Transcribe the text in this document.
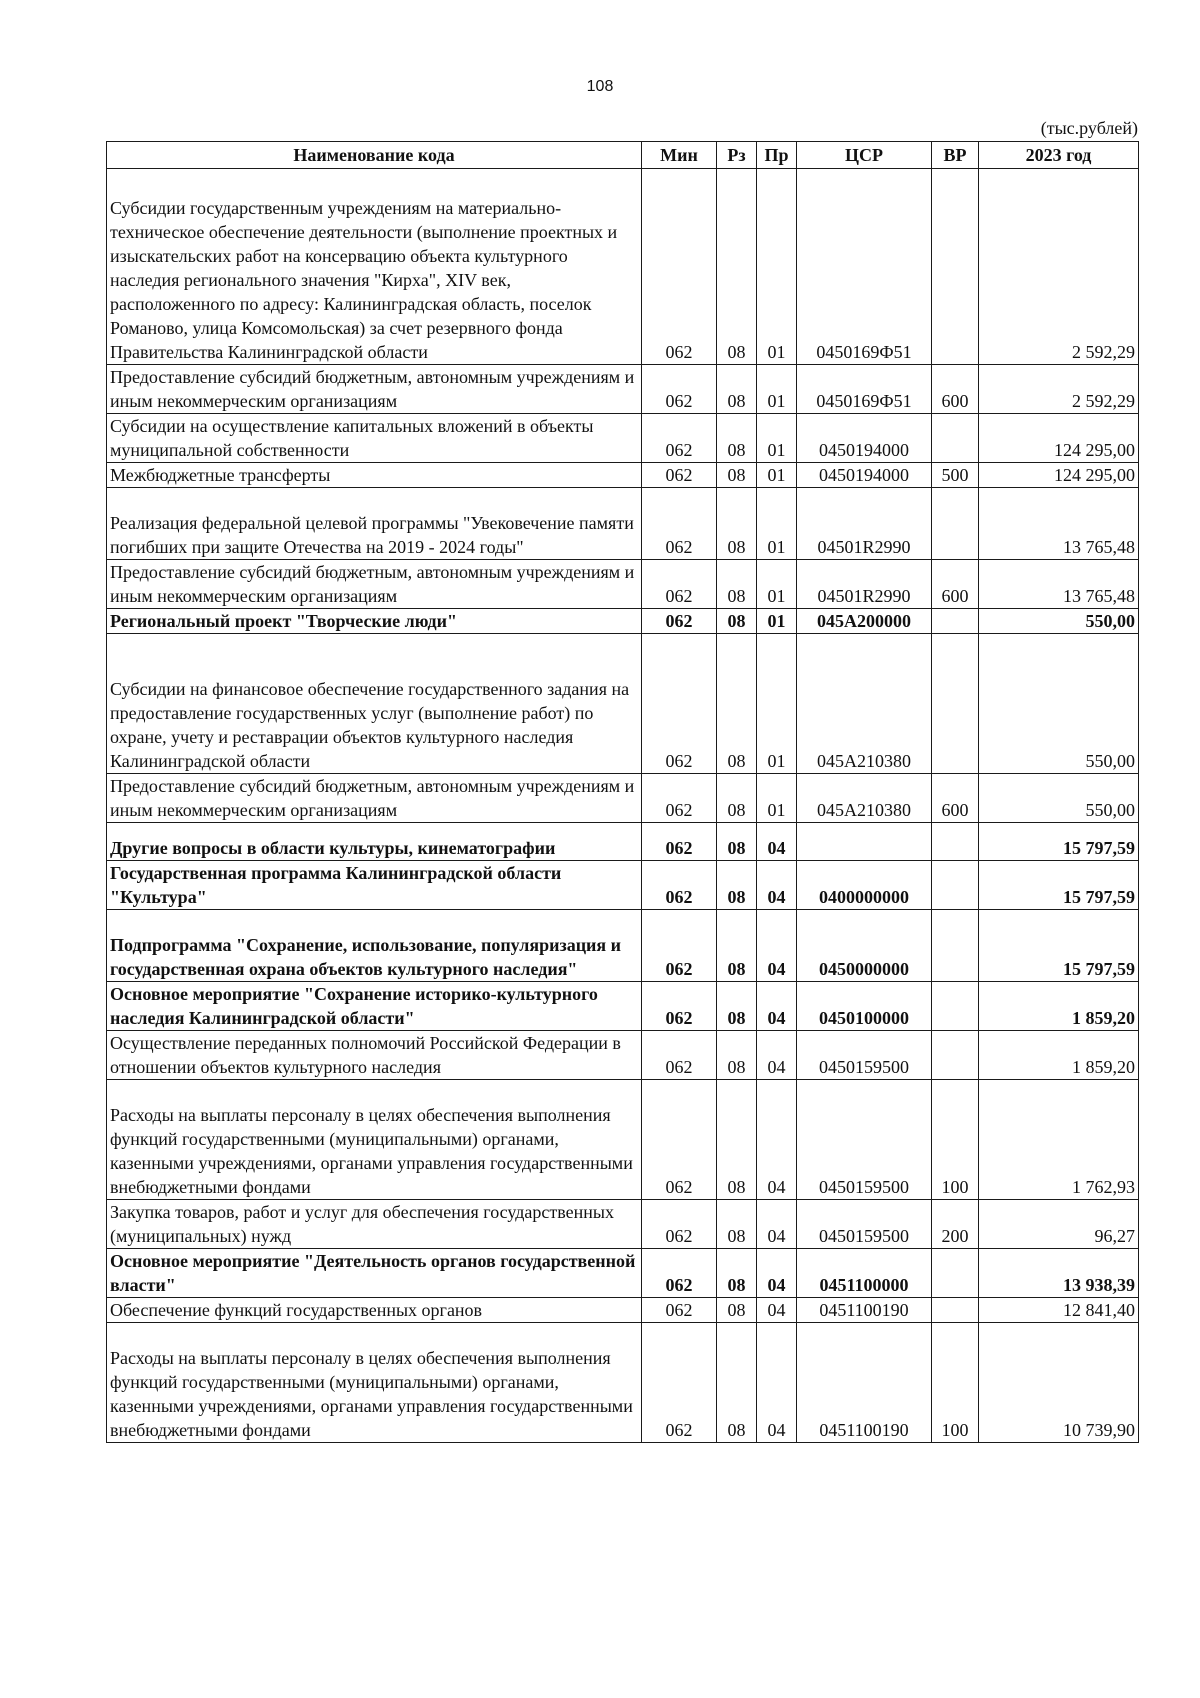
108
(тыс.рублей)
Наименование кода	Мин	Рз	Пр	ЦСР	ВР	2023 год
Субсидии государственным учреждениям на материально-техническое обеспечение деятельности (выполнение проектных и изыскательских работ на консервацию объекта культурного наследия регионального значения "Кирха", XIV век, расположенного по адресу: Калининградская область, поселок Романово, улица Комсомольская) за счет резервного фонда Правительства Калининградской области	062	08	01	0450169Ф51		2 592,29
Предоставление субсидий бюджетным, автономным учреждениям и иным некоммерческим организациям	062	08	01	0450169Ф51	600	2 592,29
Субсидии на осуществление капитальных вложений в объекты муниципальной собственности	062	08	01	0450194000		124 295,00
Межбюджетные трансферты	062	08	01	0450194000	500	124 295,00
Реализация федеральной целевой программы "Увековечение памяти погибших при защите Отечества на 2019 - 2024 годы"	062	08	01	04501R2990		13 765,48
Предоставление субсидий бюджетным, автономным учреждениям и иным некоммерческим организациям	062	08	01	04501R2990	600	13 765,48
Региональный проект "Творческие люди"	062	08	01	045A200000		550,00
Субсидии на финансовое обеспечение государственного задания на предоставление государственных услуг (выполнение работ) по охране, учету и реставрации объектов культурного наследия Калининградской области	062	08	01	045A210380		550,00
Предоставление субсидий бюджетным, автономным учреждениям и иным некоммерческим организациям	062	08	01	045A210380	600	550,00
Другие вопросы в области культуры, кинематографии	062	08	04			15 797,59
Государственная программа Калининградской области "Культура"	062	08	04	0400000000		15 797,59
Подпрограмма "Сохранение, использование, популяризация и государственная охрана объектов культурного наследия"	062	08	04	0450000000		15 797,59
Основное мероприятие "Сохранение историко-культурного наследия Калининградской области"	062	08	04	0450100000		1 859,20
Осуществление переданных полномочий Российской Федерации в отношении объектов культурного наследия	062	08	04	0450159500		1 859,20
Расходы на выплаты персоналу в целях обеспечения выполнения функций государственными (муниципальными) органами, казенными учреждениями, органами управления государственными внебюджетными фондами	062	08	04	0450159500	100	1 762,93
Закупка товаров, работ и услуг для обеспечения государственных (муниципальных) нужд	062	08	04	0450159500	200	96,27
Основное мероприятие "Деятельность органов государственной власти"	062	08	04	0451100000		13 938,39
Обеспечение функций государственных органов	062	08	04	0451100190		12 841,40
Расходы на выплаты персоналу в целях обеспечения выполнения функций государственными (муниципальными) органами, казенными учреждениями, органами управления государственными внебюджетными фондами	062	08	04	0451100190	100	10 739,90
